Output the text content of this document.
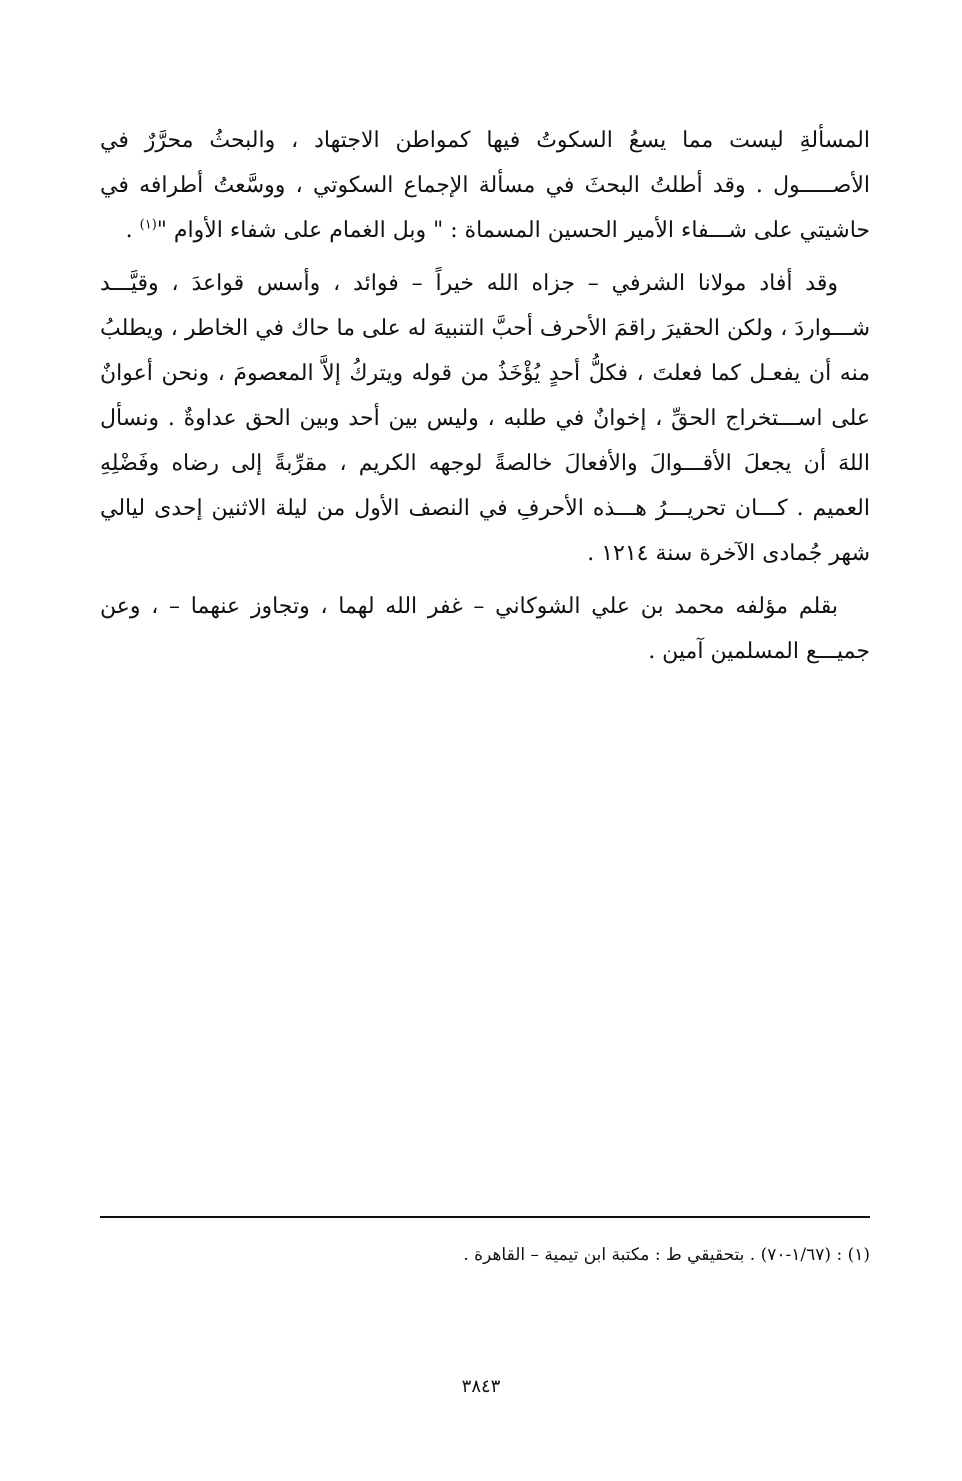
المسألةِ ليست مما يسعُ السكوتُ فيها كمواطن الاجتهاد ، والبحثُ محرَّرٌ في الأصـــــول . وقد أطلتُ البحثَ في مسألة الإجماع السكوتي ، ووسَّعتُ أطرافه في حاشيتي على شـــفاء الأمير الحسين المسماة : " وبل الغمام على شفاء الأوام "$^{(١)}$ .

وقد أفاد مولانا الشرفي – جزاه الله خيراً – فوائد ، وأسس قواعدَ ، وقيَّـــد شـــواردَ ، ولكن الحقيرَ راقمَ الأحرف أحبَّ التنبيهَ له على ما حاك في الخاطر ، ويطلبُ منه أن يفعـل كما فعلتَ ، فكلُّ أحدٍ يُؤْخَذُ من قوله ويتركُ إلاَّ المعصومَ ، ونحن أعوانٌ على اســـتخراج الحقِّ ، إخوانٌ في طلبه ، وليس بين أحد وبين الحق عداوةٌ . ونسأل اللهَ أن يجعلَ الأقـــوالَ والأفعالَ خالصةً لوجهه الكريم ، مقرِّبةً إلى رضاه وفَضْلِهِ العميم . كـــان تحريـــرُ هـــذه الأحرفِ في النصف الأول من ليلة الاثنين إحدى ليالي شهر جُمادى الآخرة سنة ١٢١٤ .

بقلم مؤلفه محمد بن علي الشوكاني – غفر الله لهما ، وتجاوز عنهما – ، وعن جميـــع المسلمين آمين .

(١) : (١/٦٧-٧٠) . بتحقيقي ط : مكتبة ابن تيمية – القاهرة .

٣٨٤٣
